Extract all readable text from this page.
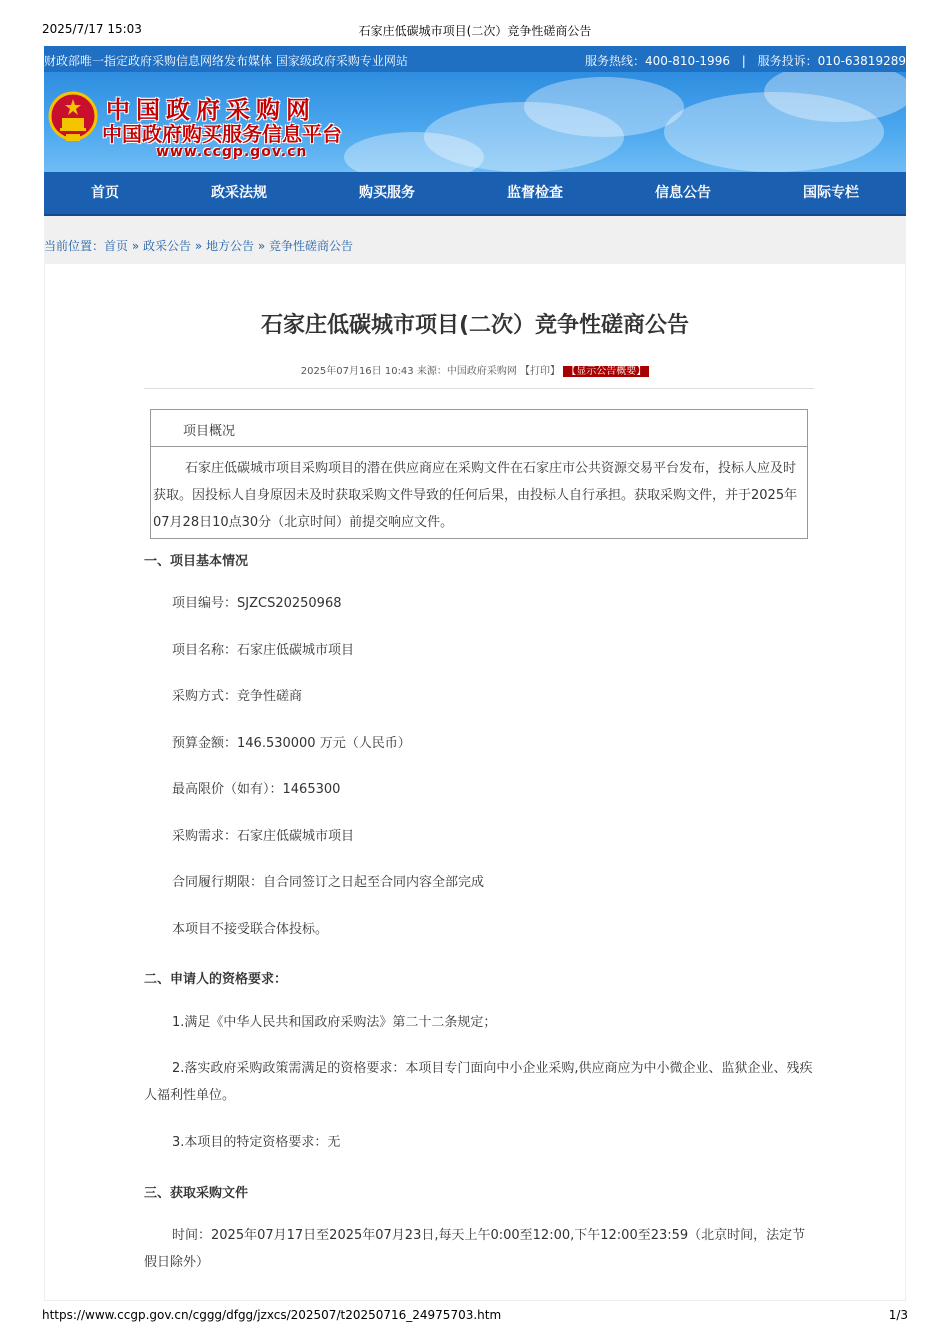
2025/7/17 15:03	石家庄低碳城市项目(二次）竞争性磋商公告
财政部唯一指定政府采购信息网络发布媒体 国家级政府采购专业网站	服务热线：400-810-1996 | 服务投诉：010-63819289
中国政府采购网
中国政府购买服务信息平台
www.ccgp.gov.cn
首页	政采法规	购买服务	监督检查	信息公告	国际专栏
当前位置：首页 » 政采公告 » 地方公告 » 竞争性磋商公告
石家庄低碳城市项目(二次）竞争性磋商公告
2025年07月16日 10:43 来源：中国政府采购网 【打印】 【显示公告概要】
项目概况
石家庄低碳城市项目采购项目的潜在供应商应在采购文件在石家庄市公共资源交易平台发布，投标人应及时获取。因投标人自身原因未及时获取采购文件导致的任何后果，由投标人自行承担。获取采购文件，并于2025年07月28日10点30分（北京时间）前提交响应文件。
一、项目基本情况
项目编号：SJZCS20250968
项目名称：石家庄低碳城市项目
采购方式：竞争性磋商
预算金额：146.530000 万元（人民币）
最高限价（如有）：1465300
采购需求：石家庄低碳城市项目
合同履行期限：自合同签订之日起至合同内容全部完成
本项目不接受联合体投标。
二、申请人的资格要求：
1.满足《中华人民共和国政府采购法》第二十二条规定；
2.落实政府采购政策需满足的资格要求：本项目专门面向中小企业采购,供应商应为中小微企业、监狱企业、残疾人福利性单位。
3.本项目的特定资格要求：无
三、获取采购文件
时间：2025年07月17日至2025年07月23日,每天上午0:00至12:00,下午12:00至23:59（北京时间，法定节假日除外）
https://www.ccgp.gov.cn/cggg/dfgg/jzxcs/202507/t20250716_24975703.htm	1/3
